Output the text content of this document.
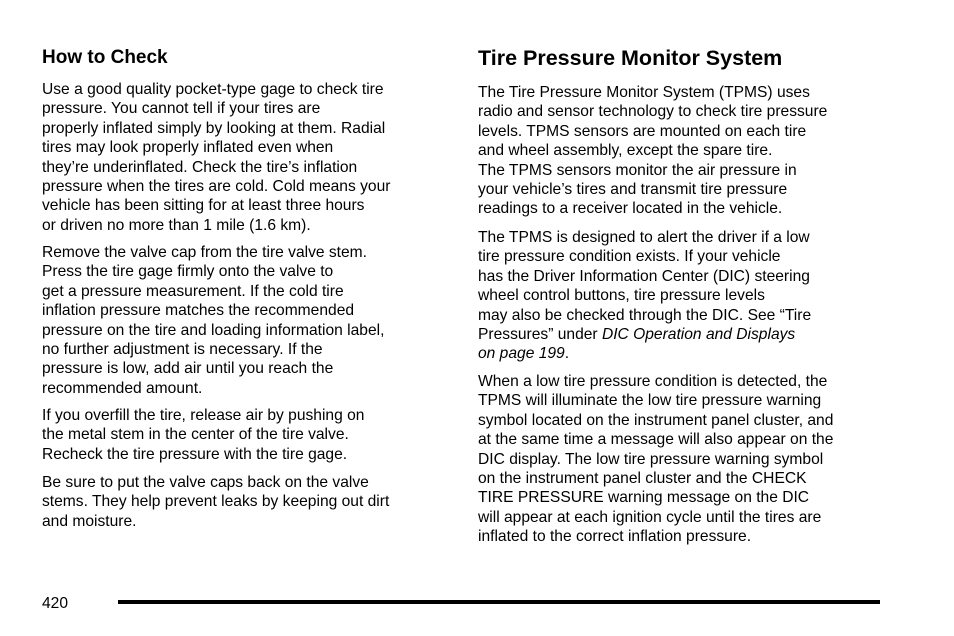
How to Check

Use a good quality pocket-type gage to check tire
pressure. You cannot tell if your tires are
properly inflated simply by looking at them. Radial
tires may look properly inflated even when
they’re underinflated. Check the tire’s inflation
pressure when the tires are cold. Cold means your
vehicle has been sitting for at least three hours
or driven no more than 1 mile (1.6 km).

Remove the valve cap from the tire valve stem.
Press the tire gage firmly onto the valve to
get a pressure measurement. If the cold tire
inflation pressure matches the recommended
pressure on the tire and loading information label,
no further adjustment is necessary. If the
pressure is low, add air until you reach the
recommended amount.

If you overfill the tire, release air by pushing on
the metal stem in the center of the tire valve.
Recheck the tire pressure with the tire gage.

Be sure to put the valve caps back on the valve
stems. They help prevent leaks by keeping out dirt
and moisture.

Tire Pressure Monitor System

The Tire Pressure Monitor System (TPMS) uses
radio and sensor technology to check tire pressure
levels. TPMS sensors are mounted on each tire
and wheel assembly, except the spare tire.
The TPMS sensors monitor the air pressure in
your vehicle’s tires and transmit tire pressure
readings to a receiver located in the vehicle.

The TPMS is designed to alert the driver if a low
tire pressure condition exists. If your vehicle
has the Driver Information Center (DIC) steering
wheel control buttons, tire pressure levels
may also be checked through the DIC. See “Tire
Pressures” under DIC Operation and Displays
on page 199.

When a low tire pressure condition is detected, the
TPMS will illuminate the low tire pressure warning
symbol located on the instrument panel cluster, and
at the same time a message will also appear on the
DIC display. The low tire pressure warning symbol
on the instrument panel cluster and the CHECK
TIRE PRESSURE warning message on the DIC
will appear at each ignition cycle until the tires are
inflated to the correct inflation pressure.

420
